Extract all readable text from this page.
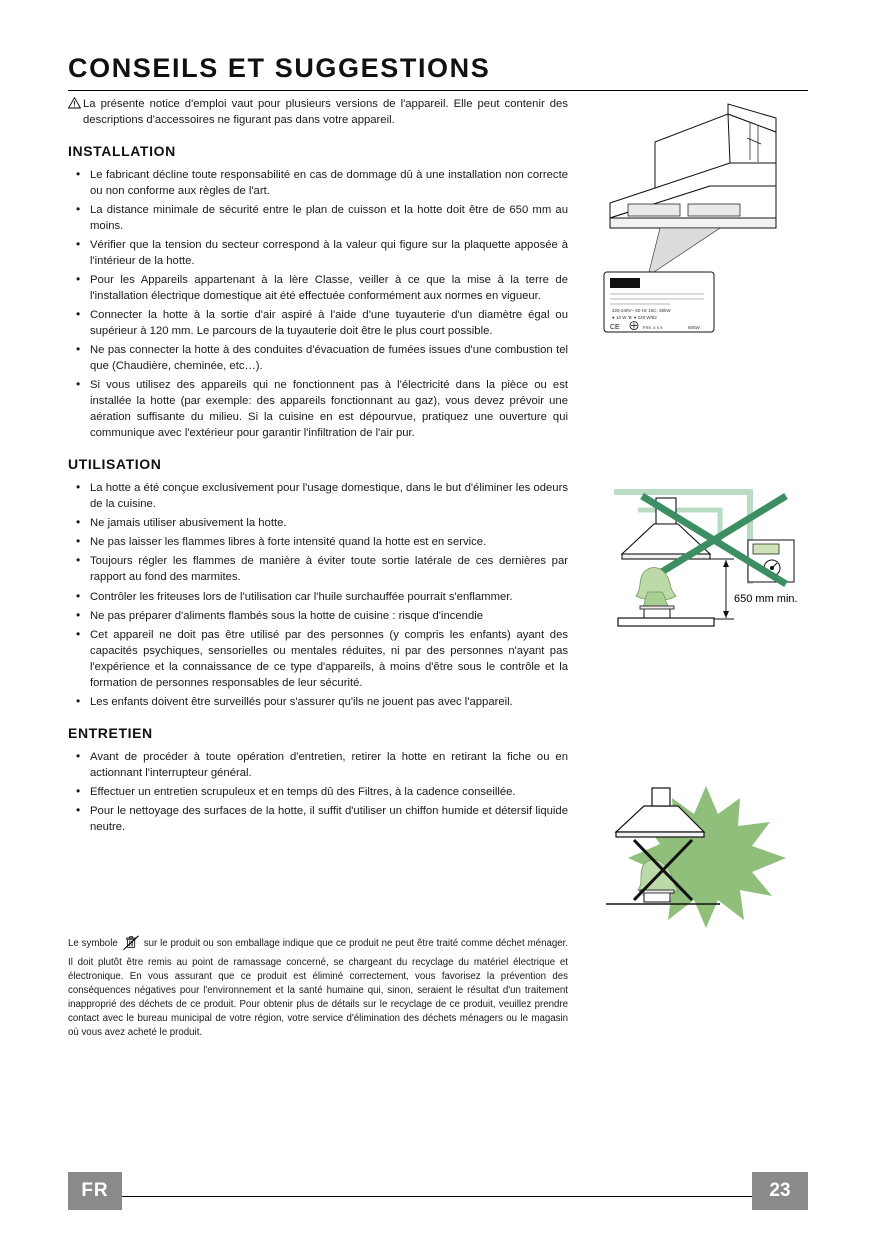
CONSEILS ET SUGGESTIONS

La présente notice d'emploi vaut pour plusieurs versions de l'appareil. Elle peut contenir des descriptions d'accessoires ne figurant pas dans votre appareil.

INSTALLATION
• Le fabricant décline toute responsabilité en cas de dommage dû à une installation non correcte ou non conforme aux règles de l'art.
• La distance minimale de sécurité entre le plan de cuisson et la hotte doit être de 650 mm au moins.
• Vérifier que la tension du secteur correspond à la valeur qui figure sur la plaquette apposée à l'intérieur de la hotte.
• Pour les Appareils appartenant à la lère Classe, veiller à ce que la mise à la terre de l'installation électrique domestique ait été effectuée conformément aux normes en vigueur.
• Connecter la hotte à la sortie d'air aspiré à l'aide d'une tuyauterie d'un diamètre égal ou supérieur à 120 mm. Le parcours de la tuyauterie doit être le plus court possible.
• Ne pas connecter la hotte à des conduites d'évacuation de fumées issues d'une combustion tel que (Chaudière, cheminée, etc…).
• Si vous utilisez des appareils qui ne fonctionnent pas à l'électricité dans la pièce ou est installée la hotte (par exemple: des appareils fonctionnant au gaz), vous devez prévoir une aération suffisante du milieu. Si la cuisine en est dépourvue, pratiquez une ouverture qui communique avec l'extérieur pour garantir l'infiltration de l'air pur.
UTILISATION
• La hotte a été conçue exclusivement pour l'usage domestique, dans le but d'éliminer les odeurs de la cuisine.
• Ne jamais utiliser abusivement la hotte.
• Ne pas laisser les flammes libres à forte intensité quand la hotte est en service.
• Toujours régler les flammes de manière à éviter toute sortie latérale de ces dernières par rapport au fond des marmites.
• Contrôler les friteuses lors de l'utilisation car l'huile surchauffée pourrait s'enflammer.
• Ne pas préparer d'aliments flambés sous la hotte de cuisine : risque d'incendie
• Cet appareil ne doit pas être utilisé par des personnes (y compris les enfants) ayant des capacités psychiques, sensorielles ou mentales réduites, ni par des personnes n'ayant pas l'expérience et la connaissance de ce type d'appareils, à moins d'être sous le contrôle et la formation de personnes responsables de leur sécurité.
• Les enfants doivent être surveillés pour s'assurer qu'ils ne jouent pas avec l'appareil.
ENTRETIEN
• Avant de procéder à toute opération d'entretien, retirer la hotte en retirant la fiche ou en actionnant l'interrupteur général.
• Effectuer un entretien scrupuleux et en temps dû des Filtres, à la cadence conseillée.
• Pour le nettoyage des surfaces de la hotte, il suffit d'utiliser un chiffon humide et détersif liquide neutre.
Le symbole	sur le produit ou son emballage indique que ce produit ne peut être traité comme déchet ménager. Il doit plutôt être remis au point de ramassage concerné, se chargeant du recyclage du matériel électrique et électronique. En vous assurant que ce produit est éliminé correctement, vous favorisez la prévention des conséquences négatives pour l'environnement et la santé humaine qui, sinon, seraient le résultat d'un traitement inapproprié des déchets de ce produit. Pour obtenir plus de détails sur le recyclage de ce produit, veuillez prendre contact avec le bureau municipal de votre région, votre service d'élimination des déchets ménagers ou le magasin où vous avez acheté le produit.
220-240V~ 50 Hz 15C, 50kW
● 10 W 'B' ● 220 W/82
CE	Fmr. x x x	605W
650 mm min.
FR	23
